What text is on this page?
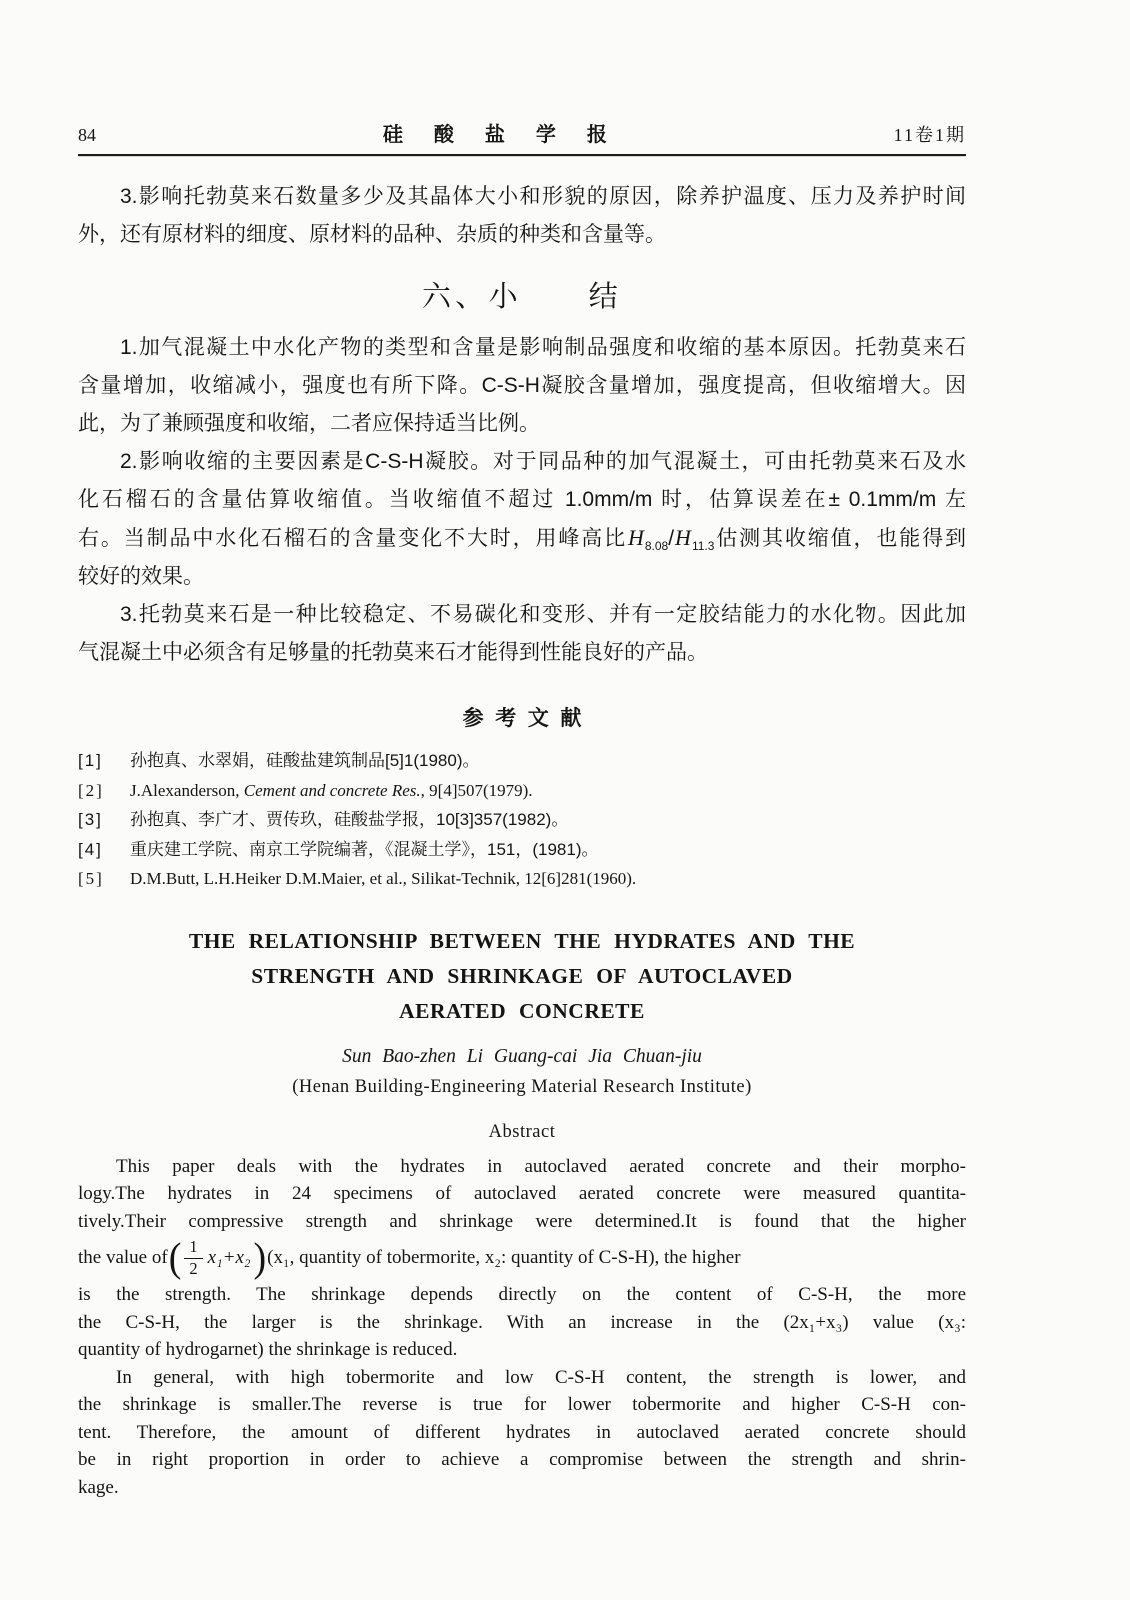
84	硅酸盐学报	11卷1期
3.影响托勃莫来石数量多少及其晶体大小和形貌的原因，除养护温度、压力及养护时间
外，还有原材料的细度、原材料的品种、杂质的种类和含量等。
六、小　　结
1.加气混凝土中水化产物的类型和含量是影响制品强度和收缩的基本原因。托勃莫来石
含量增加，收缩减小，强度也有所下降。C-S-H凝胶含量增加，强度提高，但收缩增大。因
此，为了兼顾强度和收缩，二者应保持适当比例。
2.影响收缩的主要因素是C-S-H凝胶。对于同品种的加气混凝土，可由托勃莫来石及水
化石榴石的含量估算收缩值。当收缩值不超过 1.0mm/m 时，估算误差在± 0.1mm/m 左
右。当制品中水化石榴石的含量变化不大时，用峰高比$H_{8.08}/H_{11.3}$估测其收缩值，也能得到
较好的效果。
3.托勃莫来石是一种比较稳定、不易碳化和变形、并有一定胶结能力的水化物。因此加
气混凝土中必须含有足够量的托勃莫来石才能得到性能良好的产品。
参考文献
[1]	孙抱真、水翠娟，硅酸盐建筑制品[5]1(1980)。
[2]	J.Alexanderson, Cement and concrete Res., 9[4]507(1979).
[3]	孙抱真、李广才、贾传玖，硅酸盐学报，10[3]357(1982)。
[4]	重庆建工学院、南京工学院编著，《混凝土学》，151，(1981)。
[5]	D.M.Butt, L.H.Heiker D.M.Maier, et al., Silikat-Technik, 12[6]281(1960).
THE RELATIONSHIP BETWEEN THE HYDRATES AND THE
STRENGTH AND SHRINKAGE OF AUTOCLAVED
AERATED CONCRETE
Sun Bao-zhen Li Guang-cai Jia Chuan-jiu
(Henan Building-Engineering Material Research Institute)
Abstract
This paper deals with the hydrates in autoclaved aerated concrete and their morpho-
logy.The hydrates in 24 specimens of autoclaved aerated concrete were measured quantita-
tively.Their compressive strength and shrinkage were determined.It is found that the higher
the value of ( $\frac{1}{2} x_1+x_2$ ) (x₁, quantity of tobermorite, x₂: quantity of C-S-H), the higher
is the strength. The shrinkage depends directly on the content of C-S-H, the more
the C-S-H, the larger is the shrinkage. With an increase in the (2x₁+x₃) value (x₃:
quantity of hydrogarnet) the shrinkage is reduced.
In general, with high tobermorite and low C-S-H content, the strength is lower, and
the shrinkage is smaller.The reverse is true for lower tobermorite and higher C-S-H con-
tent. Therefore, the amount of different hydrates in autoclaved aerated concrete should
be in right proportion in order to achieve a compromise between the strength and shrin-
kage.
